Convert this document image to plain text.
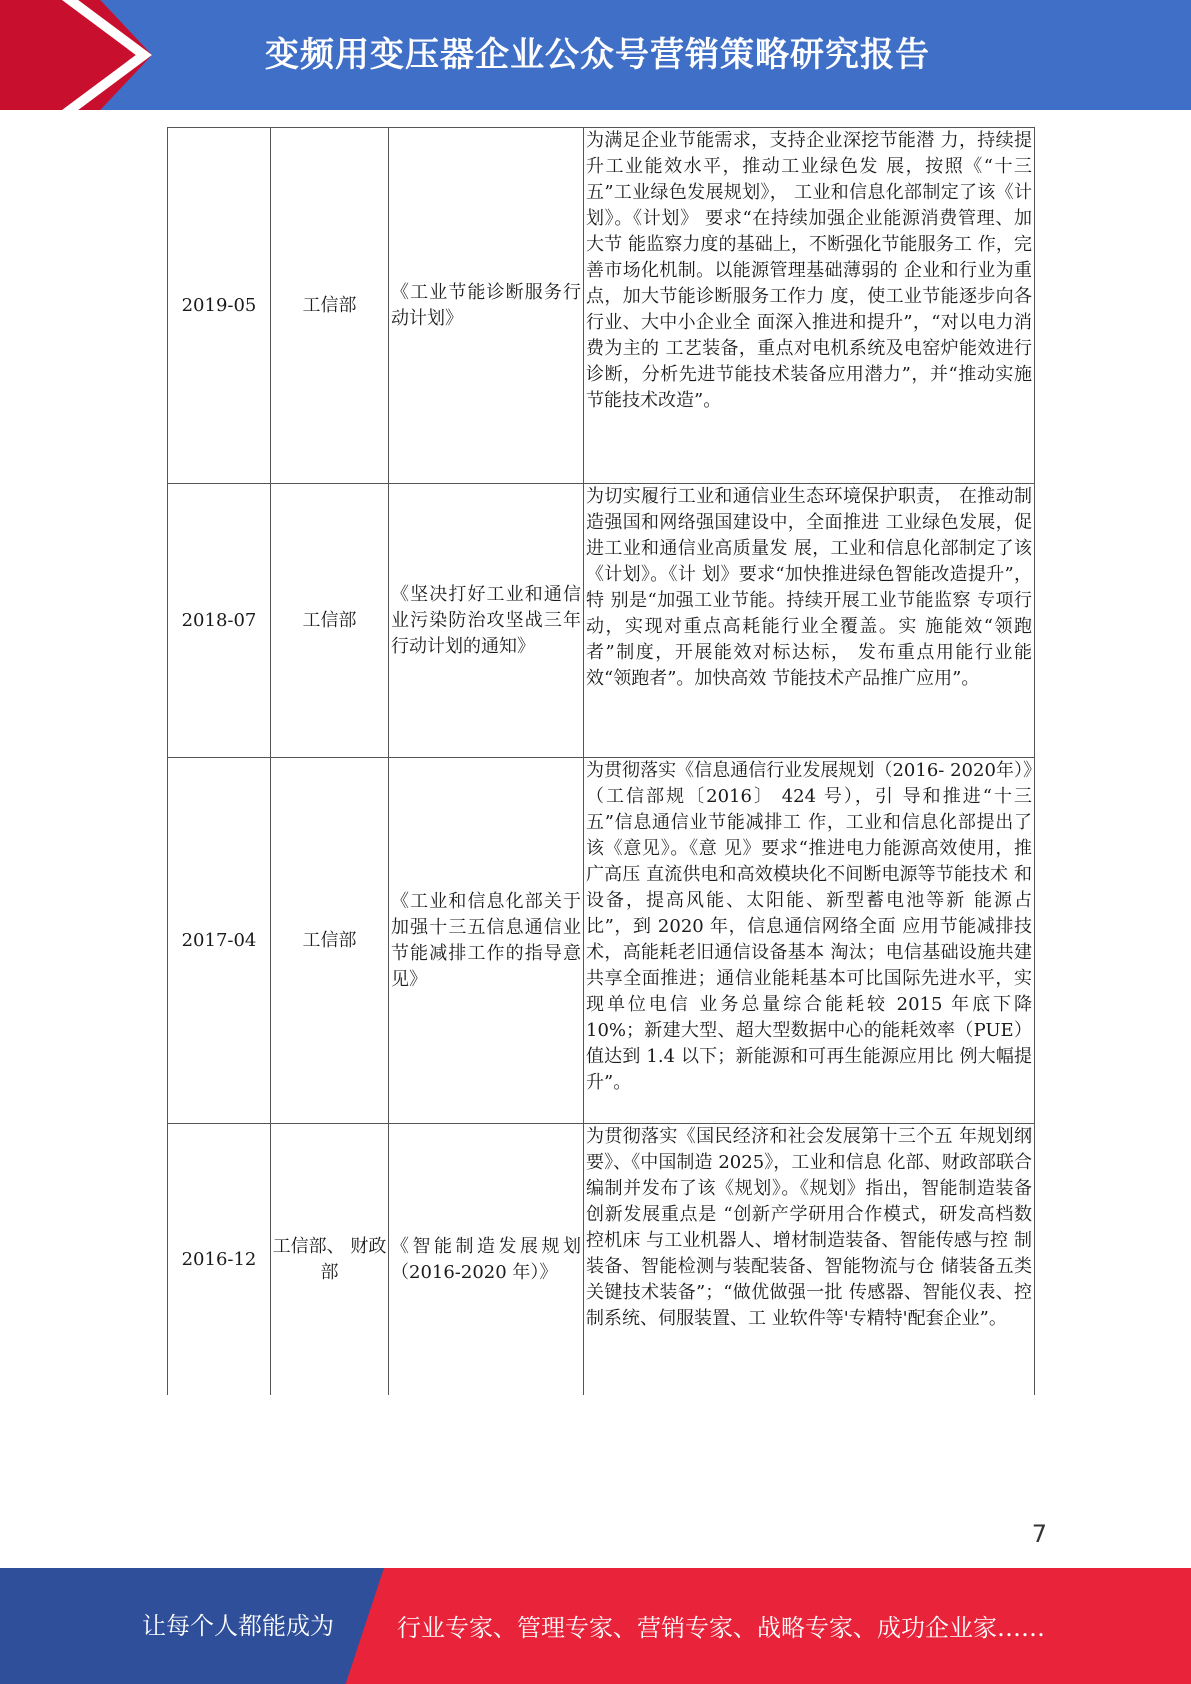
变频用变压器企业公众号营销策略研究报告
2019-05	工信部	《工业节能诊断服务行动计划》	为满足企业节能需求，支持企业深挖节能潜 力，持续提升工业能效水平，推动工业绿色发 展，按照《“十三五”工业绿色发展规划》， 工业和信息化部制定了该《计划》。《计划》 要求“在持续加强企业能源消费管理、加大节 能监察力度的基础上，不断强化节能服务工 作，完善市场化机制。以能源管理基础薄弱的 企业和行业为重点，加大节能诊断服务工作力 度，使工业节能逐步向各行业、大中小企业全 面深入推进和提升”，“对以电力消费为主的 工艺装备，重点对电机系统及电窑炉能效进行诊断，分析先进节能技术装备应用潜力”，并“推动实施节能技术改造”。

2018-07	工信部	《坚决打好工业和通信业污染防治攻坚战三年行动计划的通知》	为切实履行工业和通信业生态环境保护职责， 在推动制造强国和网络强国建设中，全面推进 工业绿色发展，促进工业和通信业高质量发 展，工业和信息化部制定了该《计划》。《计 划》要求“加快推进绿色智能改造提升”，特 别是“加强工业节能。持续开展工业节能监察 专项行动，实现对重点高耗能行业全覆盖。实 施能效“领跑者”制度，开展能效对标达标， 发布重点用能行业能效“领跑者”。加快高效 节能技术产品推广应用”。

2017-04	工信部	《工业和信息化部关于加强十三五信息通信业节能减排工作的指导意见》	为贯彻落实《信息通信行业发展规划（2016- 2020年）》（工信部规〔2016〕 424 号），引 导和推进“十三五”信息通信业节能减排工 作，工业和信息化部提出了该《意见》。《意 见》要求“推进电力能源高效使用，推广高压 直流供电和高效模块化不间断电源等节能技术 和设备，提高风能、太阳能、新型蓄电池等新 能源占比”，到 2020 年，信息通信网络全面 应用节能减排技术，高能耗老旧通信设备基本 淘汰；电信基础设施共建共享全面推进；通信业能耗基本可比国际先进水平，实现单位电信 业务总量综合能耗较 2015 年底下降 10%；新建大型、超大型数据中心的能耗效率（PUE） 值达到 1.4 以下；新能源和可再生能源应用比 例大幅提升”。

2016-12	工信部、 财政部	《智能制造发展规划 （2016-2020 年）》	为贯彻落实《国民经济和社会发展第十三个五 年规划纲要》、《中国制造 2025》，工业和信息 化部、财政部联合编制并发布了该《规划》。《规划》指出，智能制造装备创新发展重点是 “创新产学研用合作模式，研发高档数控机床 与工业机器人、增材制造装备、智能传感与控 制装备、智能检测与装配装备、智能物流与仓 储装备五类关键技术装备”；“做优做强一批 传感器、智能仪表、控制系统、伺服装置、工 业软件等'专精特'配套企业”。
7
让每个人都能成为	行业专家、管理专家、营销专家、战略专家、成功企业家……
